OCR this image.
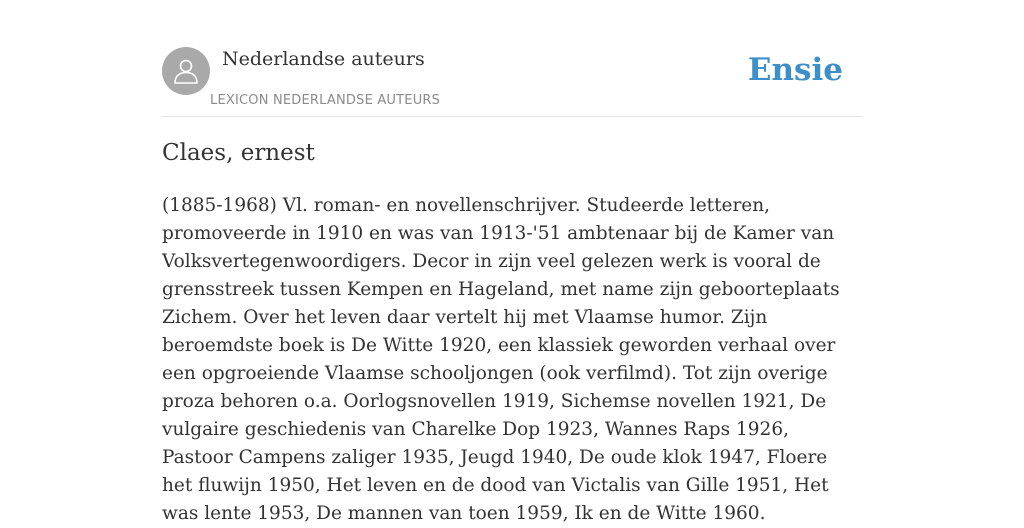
Nederlandse auteurs
LEXICON NEDERLANDSE AUTEURS
Ensie
Claes, ernest

(1885-1968) Vl. roman- en novellenschrijver. Studeerde letteren, promoveerde in 1910 en was van 1913-'51 ambtenaar bij de Kamer van Volksvertegenwoordigers. Decor in zijn veel gelezen werk is vooral de grensstreek tussen Kempen en Hageland, met name zijn geboorteplaats Zichem. Over het leven daar vertelt hij met Vlaamse humor. Zijn beroemdste boek is De Witte 1920, een klassiek geworden verhaal over een opgroeiende Vlaamse schooljongen (ook verfilmd). Tot zijn overige proza behoren o.a. Oorlogsnovellen 1919, Sichemse novellen 1921, De vulgaire geschiedenis van Charelke Dop 1923, Wannes Raps 1926, Pastoor Campens zaliger 1935, Jeugd 1940, De oude klok 1947, Floere het fluwijn 1950, Het leven en de dood van Victalis van Gille 1951, Het was lente 1953, De mannen van toen 1959, Ik en de Witte 1960.
